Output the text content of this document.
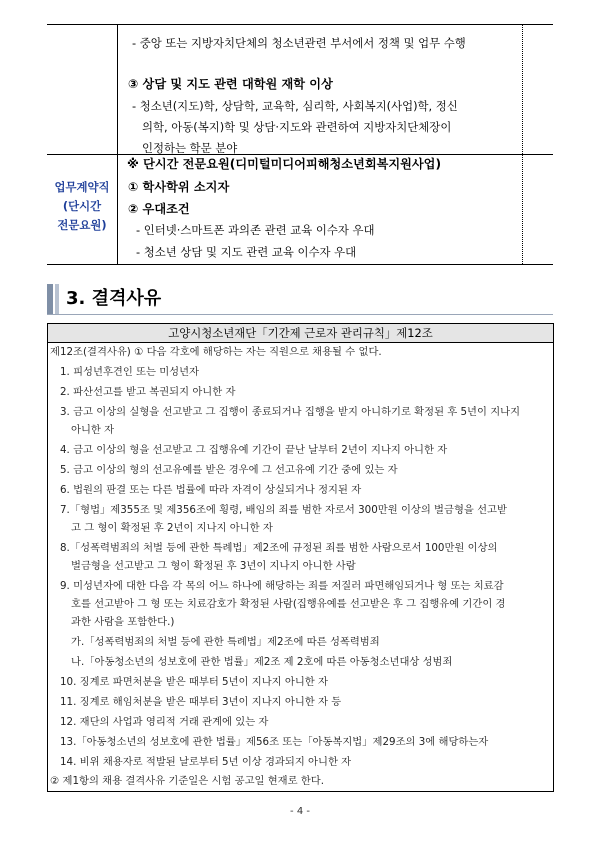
- 중앙 또는 지방자치단체의 청소년관련 부서에서 정책 및 업무 수행
③ 상담 및 지도 관련 대학원 재학 이상
- 청소년(지도)학, 상담학, 교육학, 심리학, 사회복지(사업)학, 정신
의학, 아동(복지)학 및 상담·지도와 관련하여 지방자치단체장이
인정하는 학문 분야
업무계약직
(단시간
전문요원)
※ 단시간 전문요원(디미털미디어피해청소년회복지원사업)
① 학사학위 소지자
② 우대조건
- 인터넷·스마트폰 과의존 관련 교육 이수자 우대
- 청소년 상담 및 지도 관련 교육 이수자 우대
3. 결격사유
고양시청소년재단「기간제 근로자 관리규칙」제12조
제12조(결격사유) ① 다음 각호에 해당하는 자는 직원으로 채용될 수 없다.
1. 피성년후견인 또는 미성년자
2. 파산선고를 받고 복권되지 아니한 자
3. 금고 이상의 실형을 선고받고 그 집행이 종료되거나 집행을 받지 아니하기로 확정된 후 5년이 지나지
아니한 자
4. 금고 이상의 형을 선고받고 그 집행유예 기간이 끝난 날부터 2년이 지나지 아니한 자
5. 금고 이상의 형의 선고유예를 받은 경우에 그 선고유예 기간 중에 있는 자
6. 법원의 판결 또는 다른 법률에 따라 자격이 상실되거나 정지된 자
7.「형법」제355조 및 제356조에 횡령, 배임의 죄를 범한 자로서 300만원 이상의 벌금형을 선고받
고 그 형이 확정된 후 2년이 지나지 아니한 자
8.「성폭력범죄의 처벌 등에 관한 특례법」제2조에 규정된 죄를 범한 사람으로서 100만원 이상의
벌금형을 선고받고 그 형이 확정된 후 3년이 지나지 아니한 사람
9. 미성년자에 대한 다음 각 목의 어느 하나에 해당하는 죄를 저질러 파면해임되거나 형 또는 치료감
호를 선고받아 그 형 또는 치료감호가 확정된 사람(집행유예를 선고받은 후 그 집행유예 기간이 경
과한 사람을 포함한다.)
가.「성폭력범죄의 처벌 등에 관한 특례법」제2조에 따른 성폭력범죄
나.「아동청소년의 성보호에 관한 법률」제2조 제 2호에 따른 아동청소년대상 성범죄
10. 징계로 파면처분을 받은 때부터 5년이 지나지 아니한 자
11. 징계로 해임처분을 받은 때부터 3년이 지나지 아니한 자 등
12. 재단의 사업과 영리적 거래 관계에 있는 자
13.「아동청소년의 성보호에 관한 법률」제56조 또는「아동복지법」제29조의 3에 해당하는자
14. 비위 채용자로 적발된 날로부터 5년 이상 경과되지 아니한 자
② 제1항의 채용 결격사유 기준일은 시험 공고일 현재로 한다.
- 4 -
